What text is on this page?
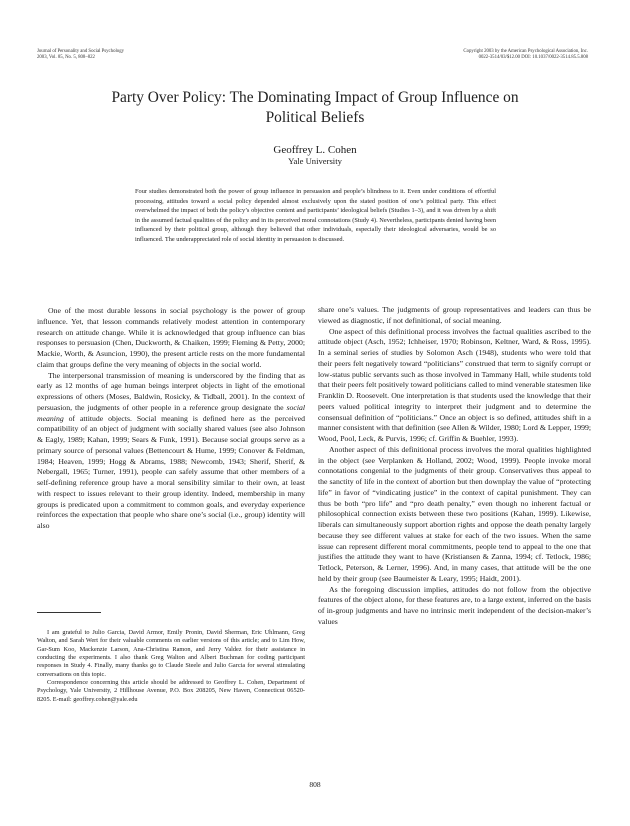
Journal of Personality and Social Psychology
2003, Vol. 85, No. 5, 808–822
Copyright 2003 by the American Psychological Association, Inc.
0022-3514/03/$12.00 DOI: 10.1037/0022-3514.85.5.808
Party Over Policy: The Dominating Impact of Group Influence on
Political Beliefs
Geoffrey L. Cohen
Yale University
Four studies demonstrated both the power of group influence in persuasion and people’s blindness to it. Even under conditions of effortful processing, attitudes toward a social policy depended almost exclusively upon the stated position of one’s political party. This effect overwhelmed the impact of both the policy’s objective content and participants’ ideological beliefs (Studies 1–3), and it was driven by a shift in the assumed factual qualities of the policy and in its perceived moral connotations (Study 4). Nevertheless, participants denied having been influenced by their political group, although they believed that other individuals, especially their ideological adversaries, would be so influenced. The underappreciated role of social identity in persuasion is discussed.

One of the most durable lessons in social psychology is the power of group influence. Yet, that lesson commands relatively modest attention in contemporary research on attitude change. While it is acknowledged that group influence can bias responses to persuasion (Chen, Duckworth, & Chaiken, 1999; Fleming & Petty, 2000; Mackie, Worth, & Asuncion, 1990), the present article rests on the more fundamental claim that groups define the very meaning of objects in the social world.

The interpersonal transmission of meaning is underscored by the finding that as early as 12 months of age human beings interpret objects in light of the emotional expressions of others (Moses, Baldwin, Rosicky, & Tidball, 2001). In the context of persuasion, the judgments of other people in a reference group designate the social meaning of attitude objects. Social meaning is defined here as the perceived compatibility of an object of judgment with socially shared values (see also Johnson & Eagly, 1989; Kahan, 1999; Sears & Funk, 1991). Because social groups serve as a primary source of personal values (Bettencourt & Hume, 1999; Conover & Feldman, 1984; Heaven, 1999; Hogg & Abrams, 1988; Newcomb, 1943; Sherif, Sherif, & Nebergall, 1965; Turner, 1991), people can safely assume that other members of a self-defining reference group have a moral sensibility similar to their own, at least with respect to issues relevant to their group identity. Indeed, membership in many groups is predicated upon a commitment to common goals, and everyday experience reinforces the expectation that people who share one’s social (i.e., group) identity will also

I am grateful to Julio Garcia, David Armor, Emily Pronin, David Sherman, Eric Uhlmann, Greg Walton, and Sarah Wert for their valuable comments on earlier versions of this article; and to Lim How, Gar-Sum Koo, Mackenzie Larson, Ana-Christina Ramon, and Jerry Valdez for their assistance in conducting the experiments. I also thank Greg Walton and Albert Buchman for coding participant responses in Study 4. Finally, many thanks go to Claude Steele and Julio Garcia for several stimulating conversations on this topic.

Correspondence concerning this article should be addressed to Geoffrey L. Cohen, Department of Psychology, Yale University, 2 Hillhouse Avenue, P.O. Box 208205, New Haven, Connecticut 06520-8205. E-mail: geoffrey.cohen@yale.edu

share one’s values. The judgments of group representatives and leaders can thus be viewed as diagnostic, if not definitional, of social meaning.

One aspect of this definitional process involves the factual qualities ascribed to the attitude object (Asch, 1952; Ichheiser, 1970; Robinson, Keltner, Ward, & Ross, 1995). In a seminal series of studies by Solomon Asch (1948), students who were told that their peers felt negatively toward “politicians” construed that term to signify corrupt or low-status public servants such as those involved in Tammany Hall, while students told that their peers felt positively toward politicians called to mind venerable statesmen like Franklin D. Roosevelt. One interpretation is that students used the knowledge that their peers valued political integrity to interpret their judgment and to determine the consensual definition of “politicians.” Once an object is so defined, attitudes shift in a manner consistent with that definition (see Allen & Wilder, 1980; Lord & Lepper, 1999; Wood, Pool, Leck, & Purvis, 1996; cf. Griffin & Buehler, 1993).

Another aspect of this definitional process involves the moral qualities highlighted in the object (see Verplanken & Holland, 2002; Wood, 1999). People invoke moral connotations congenial to the judgments of their group. Conservatives thus appeal to the sanctity of life in the context of abortion but then downplay the value of “protecting life” in favor of “vindicating justice” in the context of capital punishment. They can thus be both “pro life” and “pro death penalty,” even though no inherent factual or philosophical connection exists between these two positions (Kahan, 1999). Likewise, liberals can simultaneously support abortion rights and oppose the death penalty largely because they see different values at stake for each of the two issues. When the same issue can represent different moral commitments, people tend to appeal to the one that justifies the attitude they want to have (Kristiansen & Zanna, 1994; cf. Tetlock, 1986; Tetlock, Peterson, & Lerner, 1996). And, in many cases, that attitude will be the one held by their group (see Baumeister & Leary, 1995; Haidt, 2001).

As the foregoing discussion implies, attitudes do not follow from the objective features of the object alone, for these features are, to a large extent, inferred on the basis of in-group judgments and have no intrinsic merit independent of the decision-maker’s values

808
